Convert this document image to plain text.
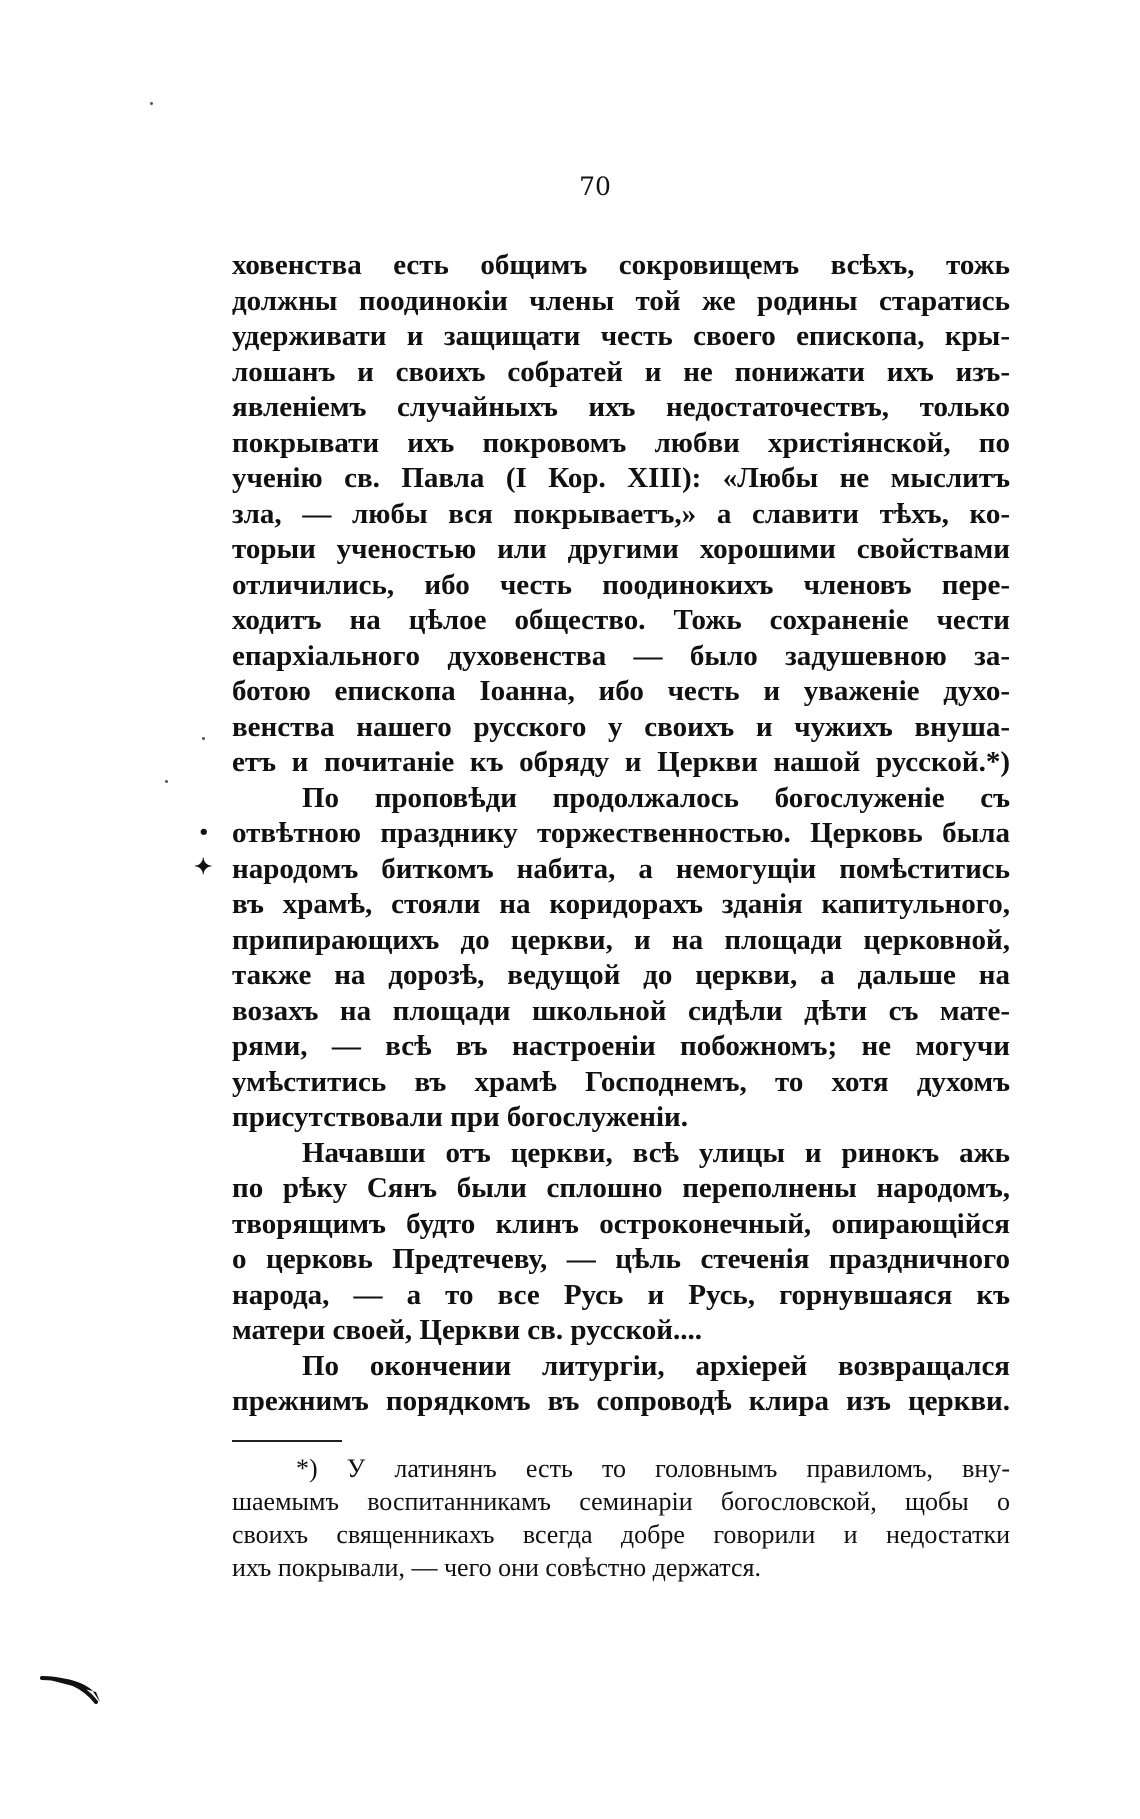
70
ховенства есть общимъ сокровищемъ всѣхъ, тожь
должны поодинокіи члены той же родины старатись
удерживати и защищати честь своего епископа, кры-
лошанъ и своихъ собратей и не понижати ихъ изъ-
явленіемъ случайныхъ ихъ недостаточествъ, только
покрывати ихъ покровомъ любви христіянской, по
ученію св. Павла (І Кор. ХІІІ): «Любы не мыслитъ
зла, — любы вся покрываетъ,» а славити тѣхъ, ко-
торыи ученостью или другими хорошими свойствами
отличились, ибо честь поодинокихъ членовъ пере-
ходитъ на цѣлое общество. Тожь сохраненіе чести
епархіальногo духовенства — было задушевною за-
ботою епископа Іоанна, ибо честь и уваженіе духо-
венства нашего русского у своихъ и чужихъ внуша-
етъ и почитаніе къ обряду и Церкви нашой русской.*)
По проповѣди продолжалось богослуженіе съ
отвѣтною празднику торжественностью. Церковь была
народомъ биткомъ набита, а немогущіи помѣститись
въ храмѣ, стояли на коридорахъ зданія капитульного,
припирающихъ до церкви, и на площади церковной,
также на дорозѣ, ведущой до церкви, а дальше на
возахъ на площади школьной сидѣли дѣти съ мате-
рями, — всѣ въ настроеніи побожномъ; не могучи
умѣститись въ храмѣ Господнемъ, то хотя духомъ
присутствовали при богослуженіи.
Начавши отъ церкви, всѣ улицы и ринокъ ажь
по рѣку Сянъ были сплошно переполнены народомъ,
творящимъ будто клинъ остроконечный, опирающійся
о церковь Предтечеву, — цѣль стеченія праздничного
народа, — а то все Русь и Русь, горнувшаяся къ
матери своей, Церкви св. русской....
По окончении литургіи, архіерей возвращался
прежнимъ порядкомъ въ сопроводѣ клира изъ церкви.
*) У латинянъ есть то головнымъ правиломъ, вну-
шаемымъ воспитанникамъ семинаріи богословской, щобы о
своихъ священникахъ всегда добре говорили и недостатки
ихъ покрывали, — чего они совѣстно держатся.
•
✦
